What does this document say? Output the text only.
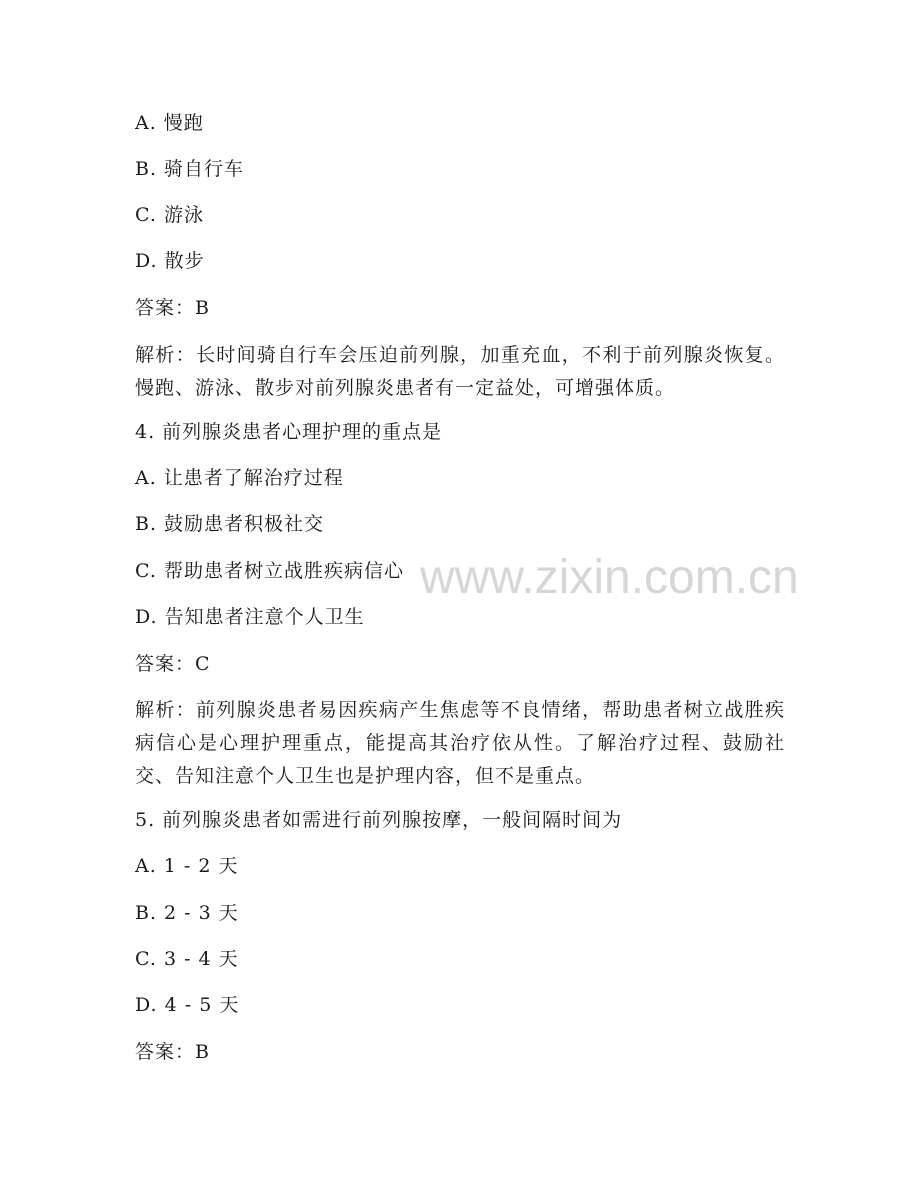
A. 慢跑
B. 骑自行车
C. 游泳
D. 散步
答案：B
解析：长时间骑自行车会压迫前列腺，加重充血，不利于前列腺炎恢复。慢跑、游泳、散步对前列腺炎患者有一定益处，可增强体质。
4. 前列腺炎患者心理护理的重点是
A. 让患者了解治疗过程
B. 鼓励患者积极社交
C. 帮助患者树立战胜疾病信心
D. 告知患者注意个人卫生
答案：C
解析：前列腺炎患者易因疾病产生焦虑等不良情绪，帮助患者树立战胜疾病信心是心理护理重点，能提高其治疗依从性。了解治疗过程、鼓励社交、告知注意个人卫生也是护理内容，但不是重点。
5. 前列腺炎患者如需进行前列腺按摩，一般间隔时间为
A. 1 - 2 天
B. 2 - 3 天
C. 3 - 4 天
D. 4 - 5 天
答案：B
www.zixin.com.cn
